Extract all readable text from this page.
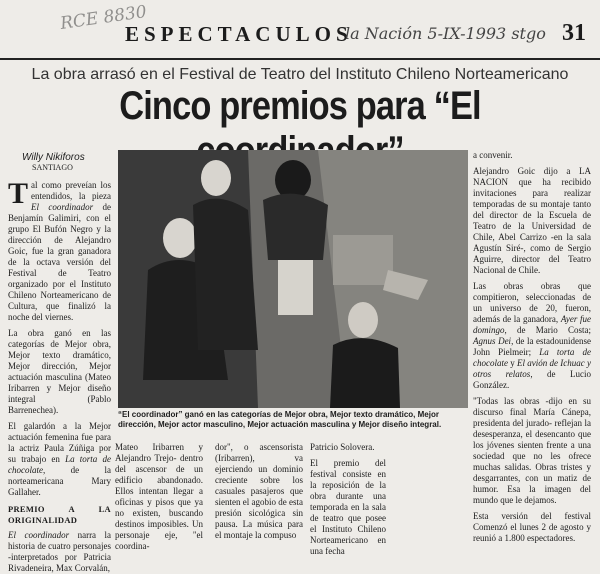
RCE 8830
ESPECTACULOS
la Nación 5-IX-1993 stgo 31
La obra arrasó en el Festival de Teatro del Instituto Chileno Norteamericano
Cinco premios para “El
Willy Nikiforos
SANTIAGO

Tal como preveían los entendidos, la pieza El coordinador de Benjamín Galimiri, con el grupo El Bufón Negro y la dirección de Alejandro Goic, fue la gran ganadora de la octava versión del Festival de Teatro organizado por el Instituto Chileno Norteamericano de Cultura, que finalizó la noche del viernes.

La obra ganó en las categorías de Mejor obra, Mejor texto dramático, Mejor dirección, Mejor actuación masculina (Mateo Iribarren y Mejor diseño integral (Pablo Barrenechea).

El galardón a la Mejor actuación femenina fue para la actriz Paula Zúñiga por su trabajo en La torta de chocolate, de la norteamericana Mary Gallaher.

PREMIO A LA ORIGINALIDAD

El coordinador narra la historia de cuatro personajes -interpretados por Patricia Rivadeneira, Max Corvalán,

“El coordinador” ganó en las categorías de Mejor obra, Mejor texto dramático, Mejor dirección, Mejor actor masculino, Mejor actuación masculina y Mejor diseño integral.

Mateo Iribarren y Alejandro Trejo- dentro del ascensor de un edificio abandonado. Ellos intentan llegar a oficinas y pisos que ya no existen, buscando destinos imposibles. Un personaje eje, "el coordina-

dor", o ascensorista (Iribarren), va ejerciendo un dominio creciente sobre los casuales pasajeros que sienten el agobio de esta presión sicológica sin pausa. La música para el montaje la compuso

Patricio Solovera.

El premio del festival consiste en la reposición de la obra durante una temporada en la sala de teatro que posee el Instituto Chileno Norteamericano en una fecha

a convenir.

Alejandro Goic dijo a LA NACION que ha recibido invitaciones para realizar temporadas de su montaje tanto del director de la Escuela de Teatro de la Universidad de Chile, Abel Carrizo -en la sala Agustín Siré-, como de Sergio Aguirre, director del Teatro Nacional de Chile.

Las obras obras que compitieron, seleccionadas de un universo de 20, fueron, además de la ganadora, Ayer fue domingo, de Mario Costa; Agnus Dei, de la estadounidense John Pielmeir; La torta de chocolate y El avión de Ichuac y otros relatos, de Lucio González.

"Todas las obras -dijo en su discurso final María Cánepa, presidenta del jurado- reflejan la desesperanza, el desencanto que los jóvenes sienten frente a una sociedad que no les ofrece muchas salidas. Obras tristes y desgarrantes, con un matiz de humor. Esa la imagen del mundo que le dejamos.

Esta versión del festival Comenzó el lunes 2 de agosto y reunió a 1.800 espectadores.
